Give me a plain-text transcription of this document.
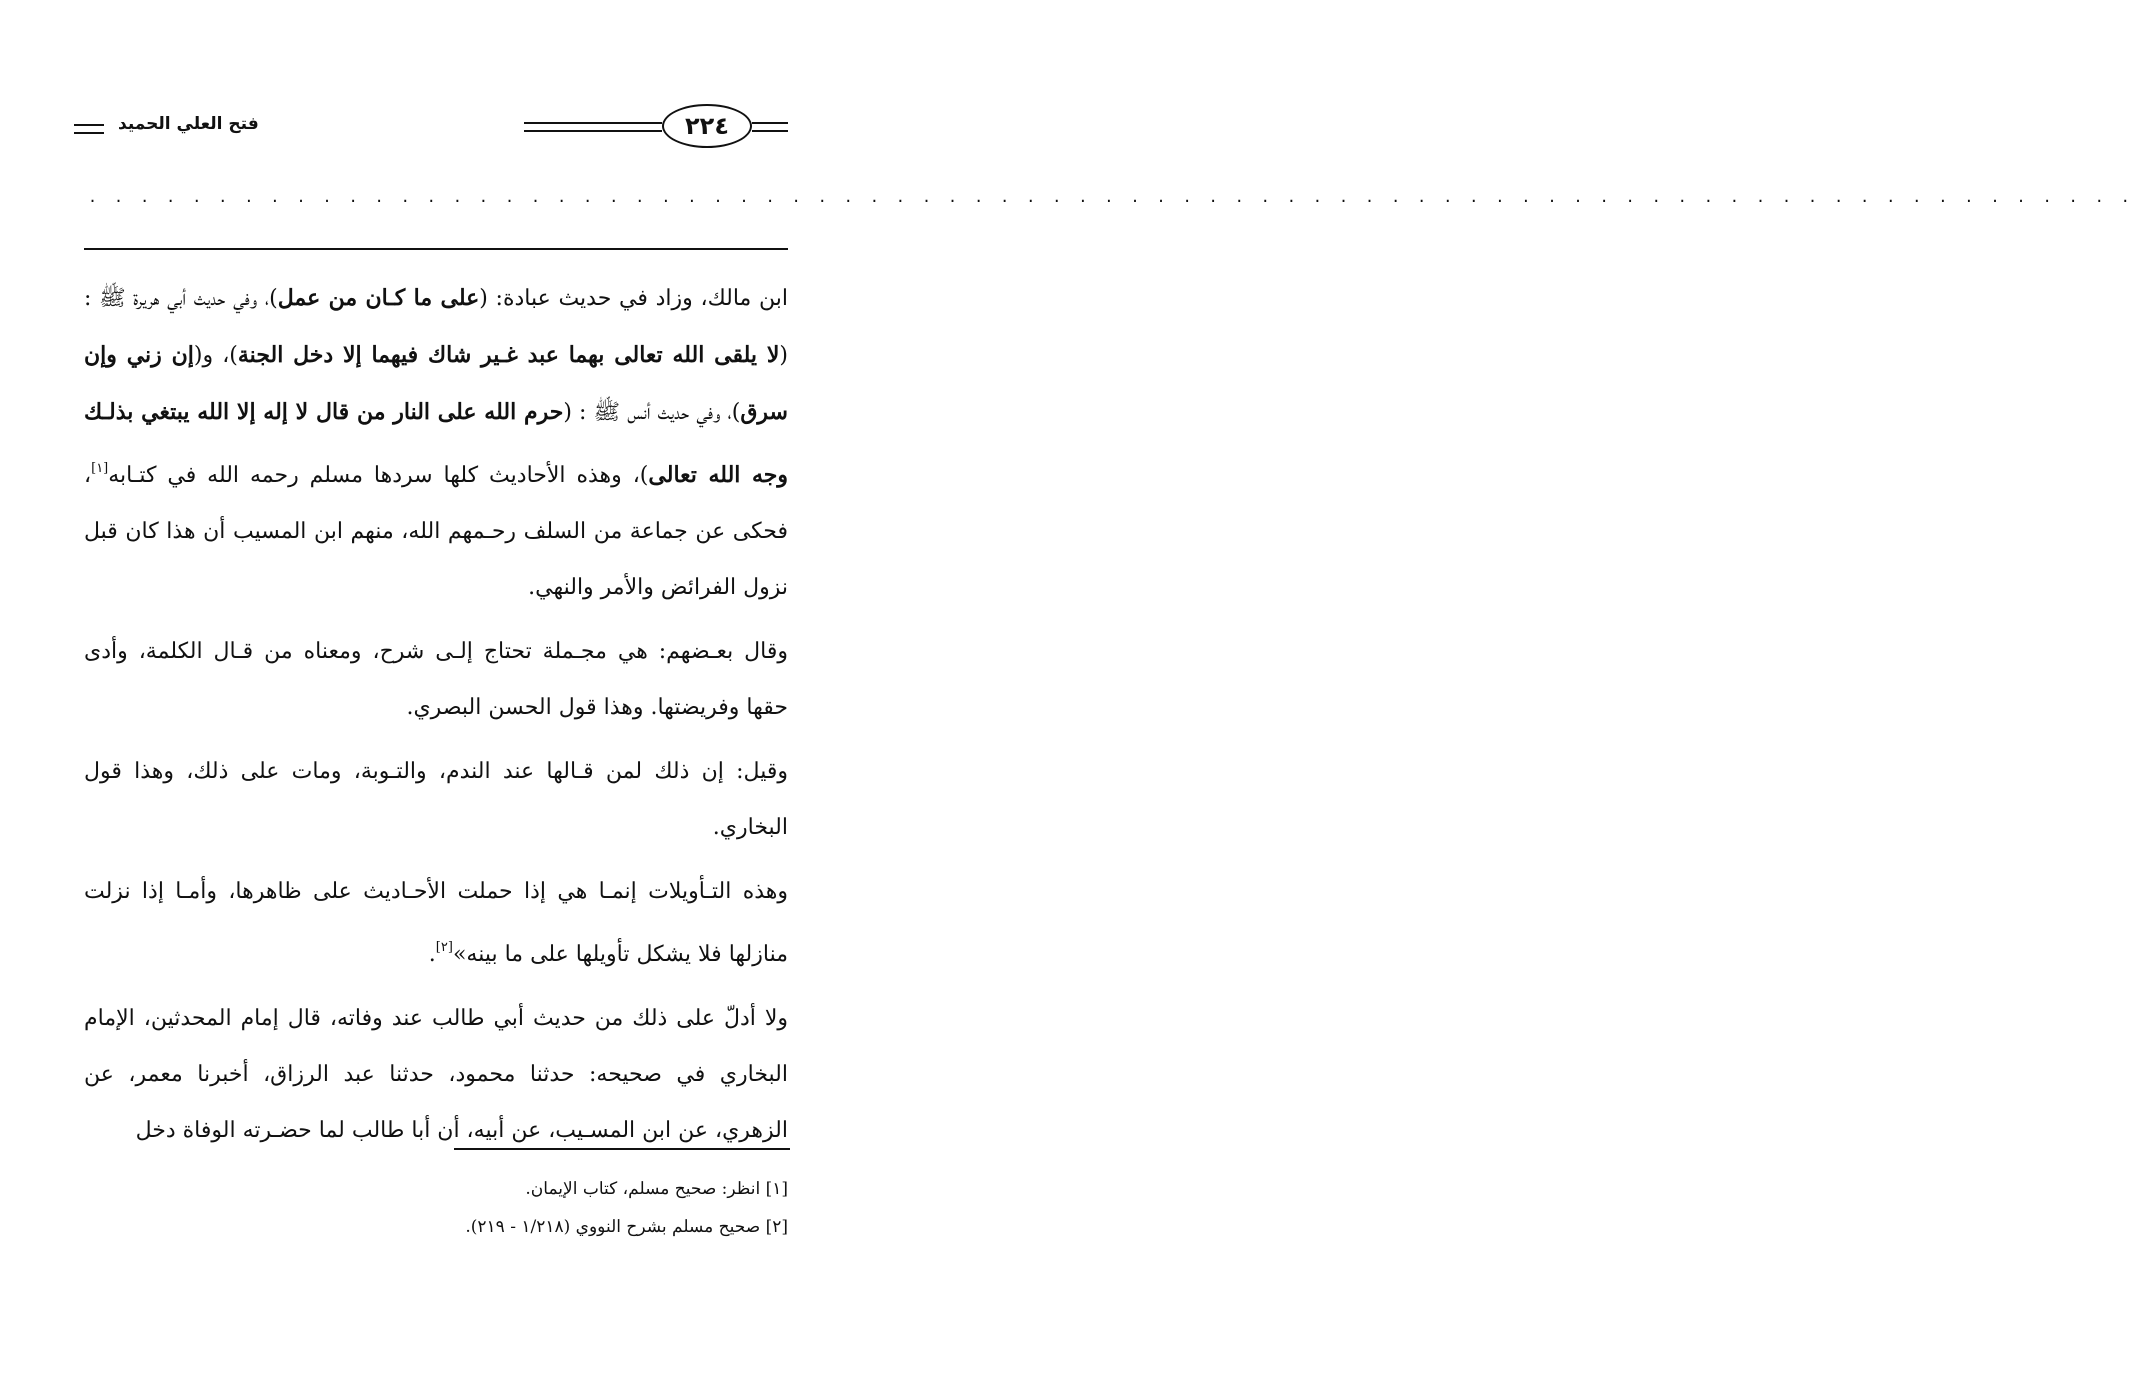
فتح العلي الحميد	٢٢٤
. . . . . . . . . . . . . . . . . . . . . . . . . . . . . . . . . . . . . . . . . . . . . . . . . . . . . . . . . . . . . . . . . . . . . . . . . . . . . . .

ابن مالك، وزاد في حديث عبادة: (على ما كـان من عمل)، وفي حديث أبي هريرة ﷺ : (لا يلقى الله تعالى بهما عبد غـير شاك فيهما إلا دخل الجنة)، و(إن زني وإن سرق)، وفي حديث أنس ﷺ : (حرم الله على النار من قال لا إله إلا الله يبتغي بذلـك وجه الله تعالى)، وهذه الأحاديث كلها سردها مسلم رحمه الله في كتـابه[١]، فحكى عن جماعة من السلف رحـمهم الله، منهم ابن المسيب أن هذا كان قبل نزول الفرائض والأمر والنهي.

وقال بعـضهم: هي مجـملة تحتاج إلـى شرح، ومعناه من قـال الكلمة، وأدى حقها وفريضتها. وهذا قول الحسن البصري.

وقيل: إن ذلك لمن قـالها عند الندم، والتـوبة، ومات على ذلك، وهذا قول البخاري.

وهذه التـأويلات إنمـا هي إذا حملت الأحـاديث على ظاهرها، وأمـا إذا نزلت منازلها فلا يشكل تأويلها على ما بينه»[٢].

ولا أدلّ على ذلك من حديث أبي طالب عند وفاته، قال إمام المحدثين، الإمام البخاري في صحيحه: حدثنا محمود، حدثنا عبد الرزاق، أخبرنا معمر، عن الزهري، عن ابن المسـيب، عن أبيه، أن أبا طالب لما حضـرته الوفاة دخل

[١] انظر: صحيح مسلم، كتاب الإيمان.
[٢] صحيح مسلم بشرح النووي (١/٢١٨ - ٢١٩).
